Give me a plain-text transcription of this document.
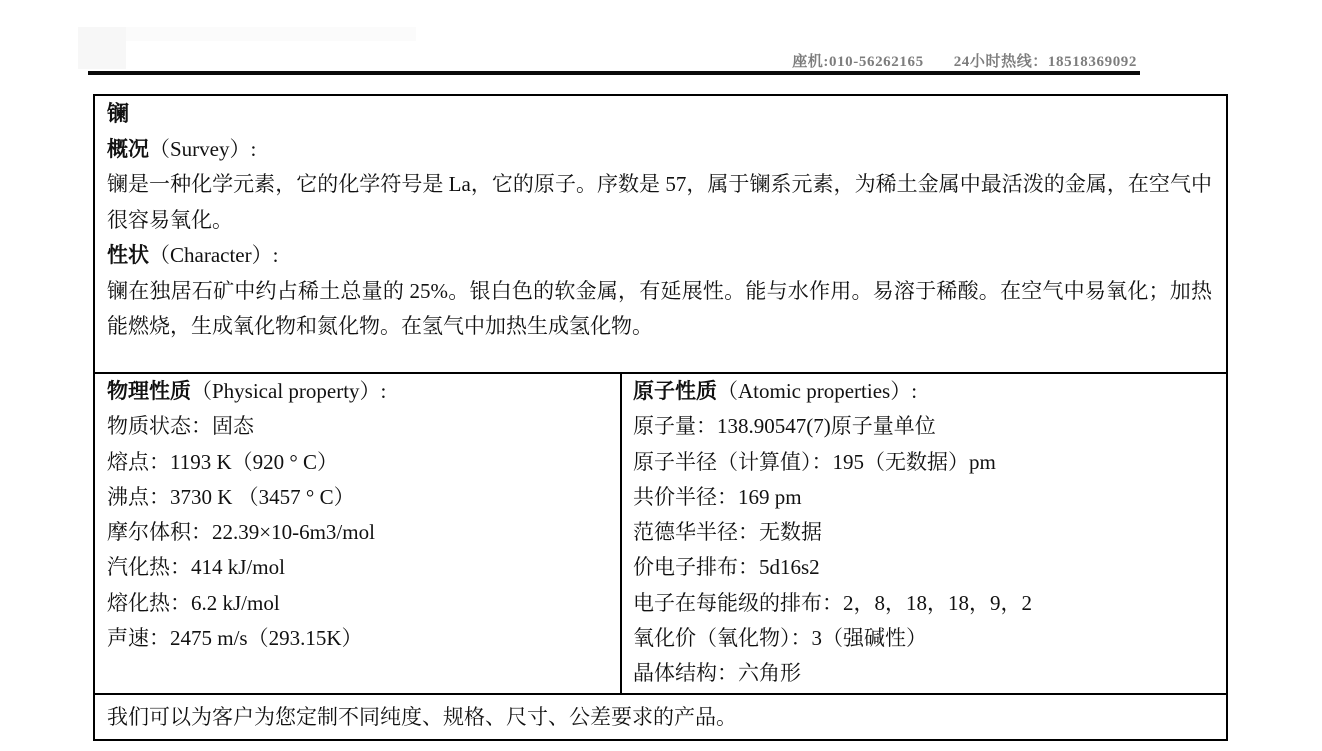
座机:010-56262165 24小时热线：18518369092
镧
概况（Survey）:
镧是一种化学元素，它的化学符号是 La，它的原子。序数是 57，属于镧系元素，为稀土金属中最活泼的金属，在空气中很容易氧化。
性状（Character）:
镧在独居石矿中约占稀土总量的 25%。银白色的软金属，有延展性。能与水作用。易溶于稀酸。在空气中易氧化；加热能燃烧，生成氧化物和氮化物。在氢气中加热生成氢化物。
物理性质（Physical property）:
物质状态：固态
熔点：1193 K（920 ° C）
沸点：3730 K （3457 ° C）
摩尔体积：22.39×10-6m3/mol
汽化热：414 kJ/mol
熔化热：6.2 kJ/mol
声速：2475 m/s（293.15K）
原子性质（Atomic properties）:
原子量：138.90547(7)原子量单位
原子半径（计算值）：195（无数据）pm
共价半径：169 pm
范德华半径：无数据
价电子排布：5d16s2
电子在每能级的排布：2，8，18，18，9，2
氧化价（氧化物）：3（强碱性）
晶体结构：六角形
我们可以为客户为您定制不同纯度、规格、尺寸、公差要求的产品。
